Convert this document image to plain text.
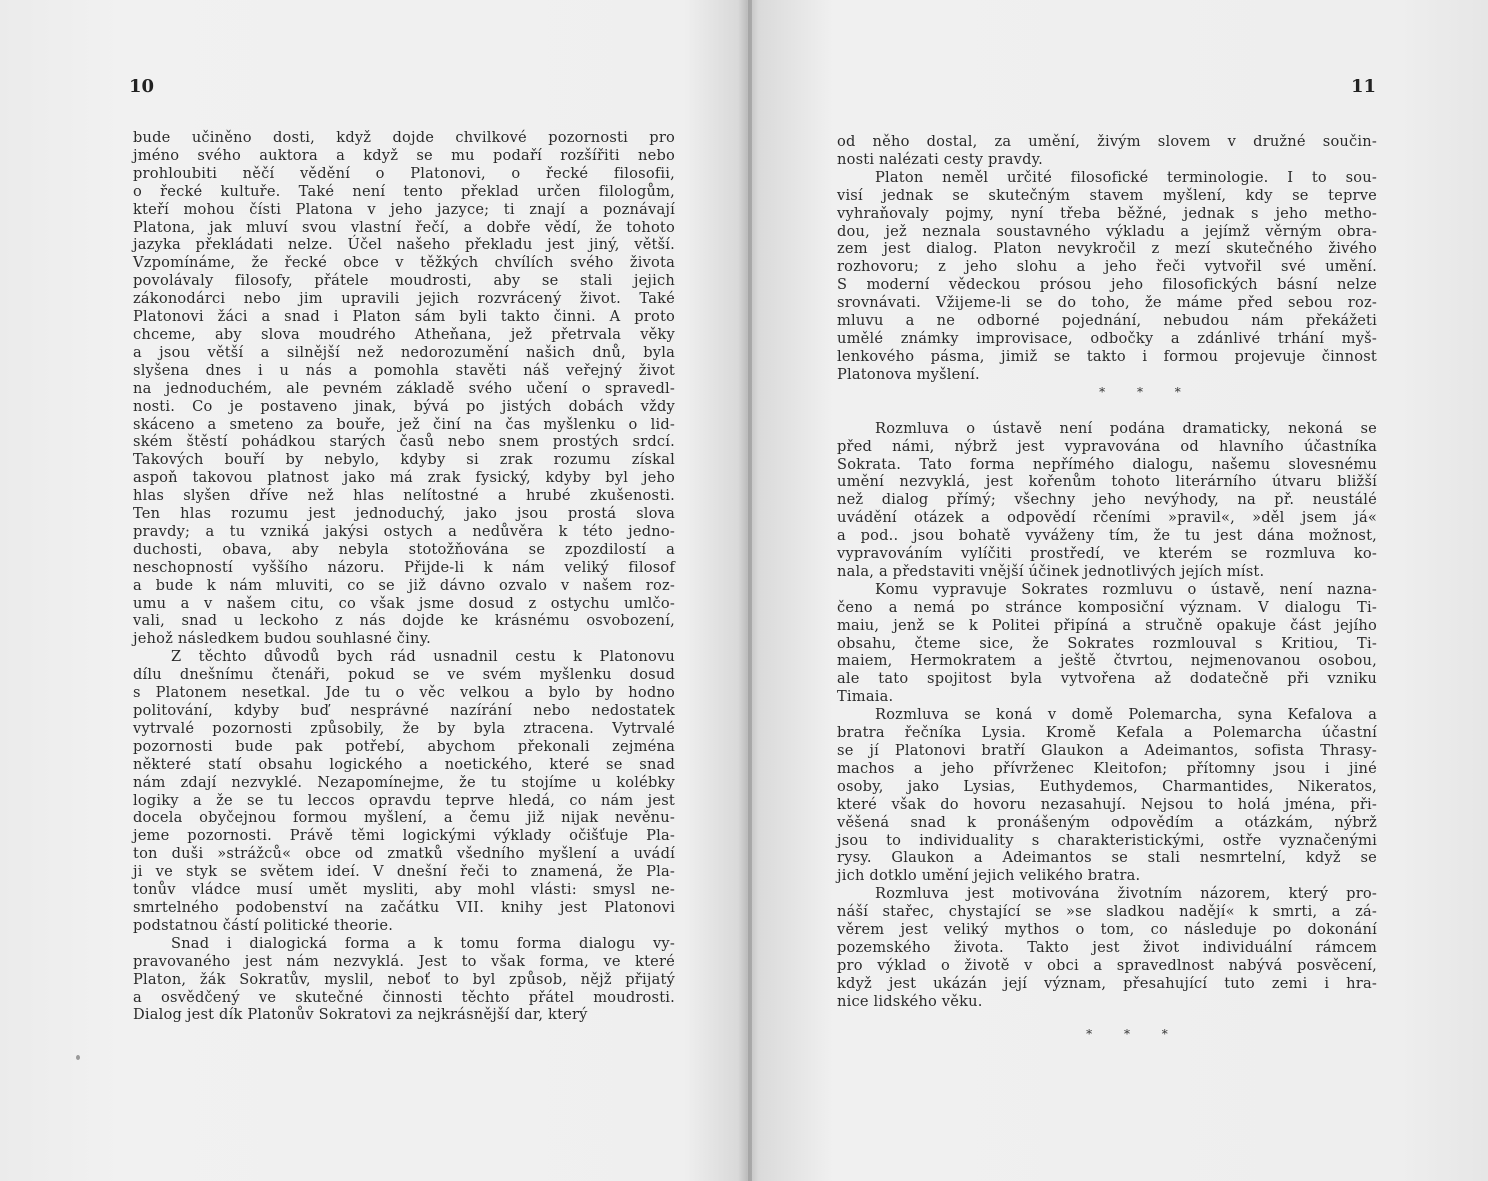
10
bude učiněno dosti, když dojde chvilkové pozornosti pro
jméno svého auktora a když se mu podaří rozšířiti nebo
prohloubiti něčí vědění o Platonovi, o řecké filosofii,
o řecké kultuře. Také není tento překlad určen filologům,
kteří mohou čísti Platona v jeho jazyce; ti znají a poznávají
Platona, jak mluví svou vlastní řečí, a dobře vědí, že tohoto
jazyka překládati nelze. Účel našeho překladu jest jiný, větší.
Vzpomínáme, že řecké obce v těžkých chvílích svého života
povolávaly filosofy, přátele moudrosti, aby se stali jejich
zákonodárci nebo jim upravili jejich rozvrácený život. Také
Platonovi žáci a snad i Platon sám byli takto činni. A proto
chceme, aby slova moudrého Atheňana, jež přetrvala věky
a jsou větší a silnější než nedorozumění našich dnů, byla
slyšena dnes i u nás a pomohla stavěti náš veřejný život
na jednoduchém, ale pevném základě svého učení o spravedl-
nosti. Co je postaveno jinak, bývá po jistých dobách vždy
skáceno a smeteno za bouře, jež činí na čas myšlenku o lid-
ském štěstí pohádkou starých časů nebo snem prostých srdcí.
Takových bouří by nebylo, kdyby si zrak rozumu získal
aspoň takovou platnost jako má zrak fysický, kdyby byl jeho
hlas slyšen dříve než hlas nelítostné a hrubé zkušenosti.
Ten hlas rozumu jest jednoduchý, jako jsou prostá slova
pravdy; a tu vzniká jakýsi ostych a nedůvěra k této jedno-
duchosti, obava, aby nebyla stotožňována se zpozdilostí a
neschopností vyššího názoru. Přijde-li k nám veliký filosof
a bude k nám mluviti, co se již dávno ozvalo v našem roz-
umu a v našem citu, co však jsme dosud z ostychu umlčo-
vali, snad u leckoho z nás dojde ke krásnému osvobození,
jehož následkem budou souhlasné činy.
Z těchto důvodů bych rád usnadnil cestu k Platonovu
dílu dnešnímu čtenáři, pokud se ve svém myšlenku dosud
s Platonem nesetkal. Jde tu o věc velkou a bylo by hodno
politování, kdyby buď nesprávné nazírání nebo nedostatek
vytrvalé pozornosti způsobily, že by byla ztracena. Vytrvalé
pozornosti bude pak potřebí, abychom překonali zejména
některé statí obsahu logického a noetického, které se snad
nám zdají nezvyklé. Nezapomínejme, že tu stojíme u kolébky
logiky a že se tu leccos opravdu teprve hledá, co nám jest
docela obyčejnou formou myšlení, a čemu již nijak nevěnu-
jeme pozornosti. Právě těmi logickými výklady očišťuje Pla-
ton duši »strážců« obce od zmatků všedního myšlení a uvádí
ji ve styk se světem ideí. V dnešní řeči to znamená, že Pla-
tonův vládce musí umět mysliti, aby mohl vlásti: smysl ne-
smrtelného podobenství na začátku VII. knihy jest Platonovi
podstatnou částí politické theorie.
Snad i dialogická forma a k tomu forma dialogu vy-
pravovaného jest nám nezvyklá. Jest to však forma, ve které
Platon, žák Sokratův, myslil, neboť to byl způsob, nějž přijatý
a osvědčený ve skutečné činnosti těchto přátel moudrosti.
Dialog jest dík Platonův Sokratovi za nejkrásnější dar, který
11
od něho dostal, za umění, živým slovem v družné součin-
nosti nalézati cesty pravdy.
Platon neměl určité filosofické terminologie. I to sou-
visí jednak se skutečným stavem myšlení, kdy se teprve
vyhraňovaly pojmy, nyní třeba běžné, jednak s jeho metho-
dou, jež neznala soustavného výkladu a jejímž věrným obra-
zem jest dialog. Platon nevykročil z mezí skutečného živého
rozhovoru; z jeho slohu a jeho řeči vytvořil své umění.
S moderní vědeckou prósou jeho filosofických básní nelze
srovnávati. Vžijeme-li se do toho, že máme před sebou roz-
mluvu a ne odborné pojednání, nebudou nám překážeti
umělé známky improvisace, odbočky a zdánlivé trhání myš-
lenkového pásma, jimiž se takto i formou projevuje činnost
Platonova myšlení.
Rozmluva o ústavě není podána dramaticky, nekoná se
před námi, nýbrž jest vypravována od hlavního účastníka
Sokrata. Tato forma nepřímého dialogu, našemu slovesnému
umění nezvyklá, jest kořenům tohoto literárního útvaru bližší
než dialog přímý; všechny jeho nevýhody, na př. neustálé
uvádění otázek a odpovědí rčeními »pravil«, »děl jsem já«
a pod.. jsou bohatě vyváženy tím, že tu jest dána možnost,
vypravováním vylíčiti prostředí, ve kterém se rozmluva ko-
nala, a představiti vnější účinek jednotlivých jejích míst.
Komu vypravuje Sokrates rozmluvu o ústavě, není nazna-
čeno a nemá po stránce komposiční význam. V dialogu Ti-
maiu, jenž se k Politei připíná a stručně opakuje část jejího
obsahu, čteme sice, že Sokrates rozmlouval s Kritiou, Ti-
maiem, Hermokratem a ještě čtvrtou, nejmenovanou osobou,
ale tato spojitost byla vytvořena až dodatečně při vzniku
Timaia.
Rozmluva se koná v domě Polemarcha, syna Kefalova a
bratra řečníka Lysia. Kromě Kefala a Polemarcha účastní
se jí Platonovi bratří Glaukon a Adeimantos, sofista Thrasy-
machos a jeho přívrženec Kleitofon; přítomny jsou i jiné
osoby, jako Lysias, Euthydemos, Charmantides, Nikeratos,
které však do hovoru nezasahují. Nejsou to holá jména, při-
věšená snad k pronášeným odpovědím a otázkám, nýbrž
jsou to individuality s charakteristickými, ostře vyznačenými
rysy. Glaukon a Adeimantos se stali nesmrtelní, když se
jich dotklo umění jejich velikého bratra.
Rozmluva jest motivována životním názorem, který pro-
náší stařec, chystající se »se sladkou nadějí« k smrti, a zá-
věrem jest veliký mythos o tom, co následuje po dokonání
pozemského života. Takto jest život individuální rámcem
pro výklad o životě v obci a spravedlnost nabývá posvěcení,
když jest ukázán její význam, přesahující tuto zemi i hra-
nice lidského věku.
* * *
* * *
